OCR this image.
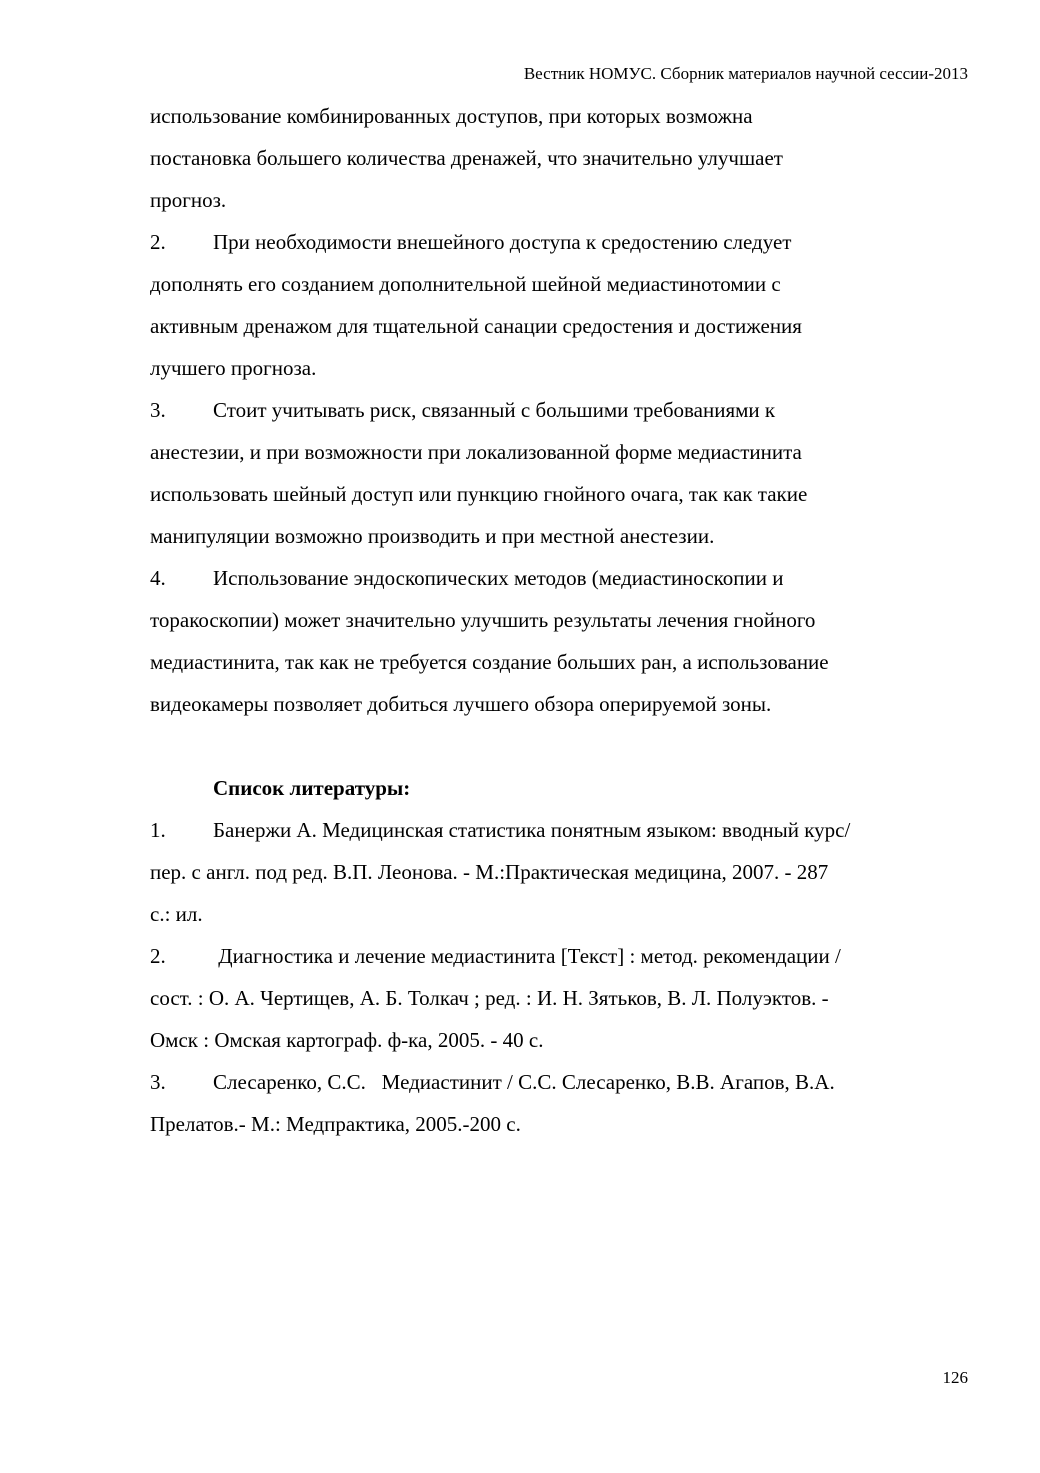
Вестник НОМУС. Сборник материалов научной сессии-2013
использование комбинированных доступов, при которых возможна
постановка большего количества дренажей, что значительно улучшает
прогноз.
2. При необходимости внешейного доступа к средостению следует
дополнять его созданием дополнительной шейной медиастинотомии с
активным дренажом для тщательной санации средостения и достижения
лучшего прогноза.
3. Стоит учитывать риск, связанный с большими требованиями к
анестезии, и при возможности при локализованной форме медиастинита
использовать шейный доступ или пункцию гнойного очага, так как такие
манипуляции возможно производить и при местной анестезии.
4. Использование эндоскопических методов (медиастиноскопии и
торакоскопии) может значительно улучшить результаты лечения гнойного
медиастинита, так как не требуется создание больших ран, а использование
видеокамеры позволяет добиться лучшего обзора оперируемой зоны.
Список литературы:
1. Банержи А. Медицинская статистика понятным языком: вводный курс/
пер. с англ. под ред. В.П. Леонова. - М.:Практическая медицина, 2007. - 287
с.: ил.
2. Диагностика и лечение медиастинита [Текст] : метод. рекомендации /
сост. : О. А. Чертищев, А. Б. Толкач ; ред. : И. Н. Зятьков, В. Л. Полуэктов. -
Омск : Омская картограф. ф-ка, 2005. - 40 с.
3. Слесаренко, С.С.   Медиастинит / С.С. Слесаренко, В.В. Агапов, В.А.
Прелатов.- М.: Медпрактика, 2005.-200 с.
126
